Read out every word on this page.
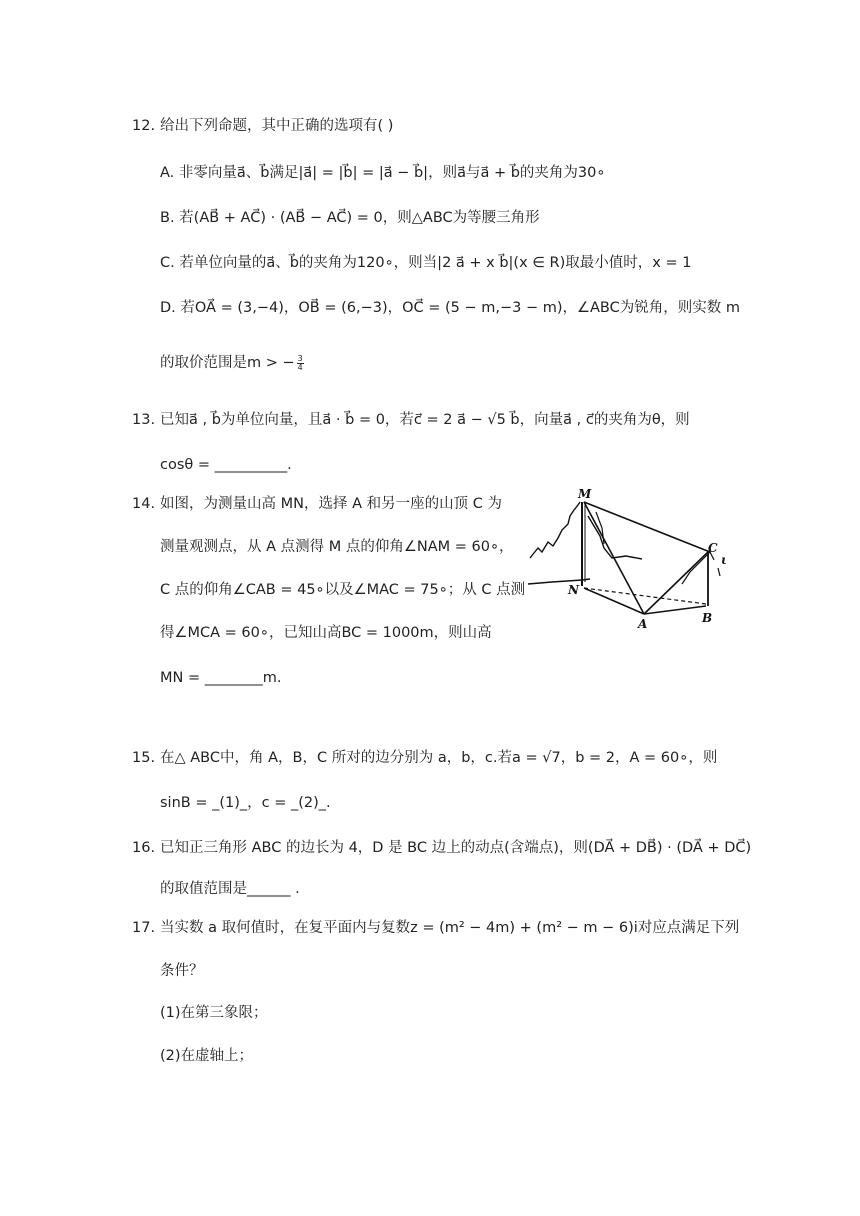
12. 给出下列命题，其中正确的选项有( )
A. 非零向量a⃗、b⃗满足|a⃗| = |b⃗| = |a⃗ − b⃗|，则a⃗与a⃗ + b⃗的夹角为30∘
B. 若(AB⃗ + AC⃗) · (AB⃗ − AC⃗) = 0，则△ABC为等腰三角形
C. 若单位向量的a⃗、b⃗的夹角为120∘，则当|2 a⃗ + x b⃗|(x ∈ R)取最小值时，x = 1
D. 若OA⃗ = (3,−4)，OB⃗ = (6,−3)，OC⃗ = (5 − m,−3 − m)，∠ABC为锐角，则实数 m
的取价范围是m > − $\frac{3}{4}$
13. 已知a⃗ , b⃗为单位向量，且a⃗ · b⃗ = 0，若c⃗ = 2 a⃗ − √5 b⃗，向量a⃗ , c⃗的夹角为θ，则
cosθ = __________.
14. 如图，为测量山高 MN，选择 A 和另一座的山顶 C 为
测量观测点，从 A 点测得 M 点的仰角∠NAM = 60∘，
C 点的仰角∠CAB = 45∘以及∠MAC = 75∘；从 C 点测
得∠MCA = 60∘，已知山高BC = 1000m，则山高
MN = ________m.
M
C
N
A	B
ι
15. 在△ ABC中，角 A，B，C 所对的边分别为 a，b，c.若a = √7，b = 2，A = 60∘，则
sinB = _(1)_，c = _(2)_.
16. 已知正三角形 ABC 的边长为 4，D 是 BC 边上的动点(含端点)，则(DA⃗ + DB⃗) · (DA⃗ + DC⃗)
的取值范围是______ .
17. 当实数 a 取何值时，在复平面内与复数z = (m² − 4m) + (m² − m − 6)i对应点满足下列
条件？
(1)在第三象限；
(2)在虚轴上；
